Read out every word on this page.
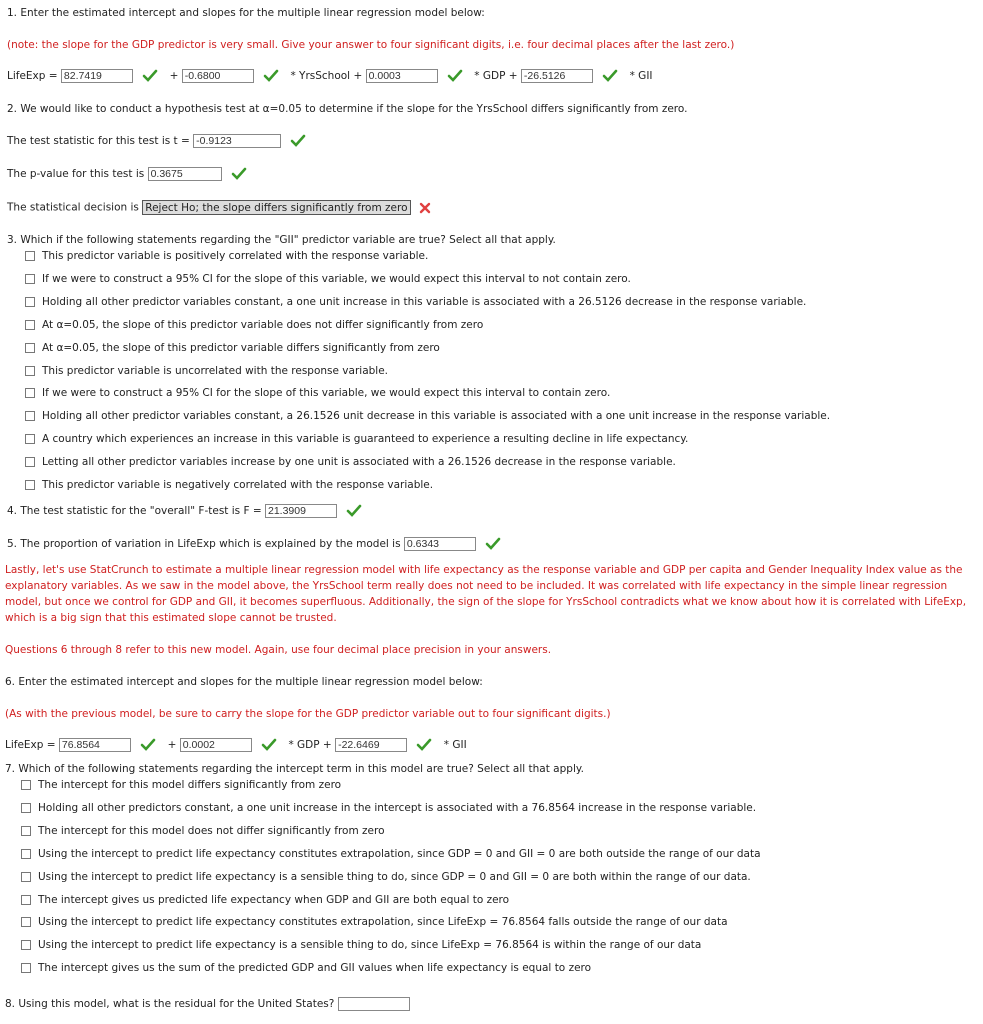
1. Enter the estimated intercept and slopes for the multiple linear regression model below:
(note: the slope for the GDP predictor is very small. Give your answer to four significant digits, i.e. four decimal places after the last zero.)
LifeExp = 82.7419	+ -0.6800	* YrsSchool + 0.0003	* GDP + -26.5126	* GII
2. We would like to conduct a hypothesis test at α=0.05 to determine if the slope for the YrsSchool differs significantly from zero.
The test statistic for this test is t = -0.9123
The p-value for this test is 0.3675
The statistical decision is Reject Ho; the slope differs significantly from zero
3. Which if the following statements regarding the "GII" predictor variable are true? Select all that apply.
This predictor variable is positively correlated with the response variable.
If we were to construct a 95% CI for the slope of this variable, we would expect this interval to not contain zero.
Holding all other predictor variables constant, a one unit increase in this variable is associated with a 26.5126 decrease in the response variable.
At α=0.05, the slope of this predictor variable does not differ significantly from zero
At α=0.05, the slope of this predictor variable differs significantly from zero
This predictor variable is uncorrelated with the response variable.
If we were to construct a 95% CI for the slope of this variable, we would expect this interval to contain zero.
Holding all other predictor variables constant, a 26.1526 unit decrease in this variable is associated with a one unit increase in the response variable.
A country which experiences an increase in this variable is guaranteed to experience a resulting decline in life expectancy.
Letting all other predictor variables increase by one unit is associated with a 26.1526 decrease in the response variable.
This predictor variable is negatively correlated with the response variable.
4. The test statistic for the "overall" F-test is F = 21.3909
5. The proportion of variation in LifeExp which is explained by the model is 0.6343
Lastly, let's use StatCrunch to estimate a multiple linear regression model with life expectancy as the response variable and GDP per capita and Gender Inequality Index value as the explanatory variables. As we saw in the model above, the YrsSchool term really does not need to be included. It was correlated with life expectancy in the simple linear regression model, but once we control for GDP and GII, it becomes superfluous. Additionally, the sign of the slope for YrsSchool contradicts what we know about how it is correlated with LifeExp, which is a big sign that this estimated slope cannot be trusted.
Questions 6 through 8 refer to this new model. Again, use four decimal place precision in your answers.
6. Enter the estimated intercept and slopes for the multiple linear regression model below:
(As with the previous model, be sure to carry the slope for the GDP predictor variable out to four significant digits.)
LifeExp = 76.8564	+ 0.0002	* GDP + -22.6469	* GII
7. Which of the following statements regarding the intercept term in this model are true? Select all that apply.
The intercept for this model differs significantly from zero
Holding all other predictors constant, a one unit increase in the intercept is associated with a 76.8564 increase in the response variable.
The intercept for this model does not differ significantly from zero
Using the intercept to predict life expectancy constitutes extrapolation, since GDP = 0 and GII = 0 are both outside the range of our data
Using the intercept to predict life expectancy is a sensible thing to do, since GDP = 0 and GII = 0 are both within the range of our data.
The intercept gives us predicted life expectancy when GDP and GII are both equal to zero
Using the intercept to predict life expectancy constitutes extrapolation, since LifeExp = 76.8564 falls outside the range of our data
Using the intercept to predict life expectancy is a sensible thing to do, since LifeExp = 76.8564 is within the range of our data
The intercept gives us the sum of the predicted GDP and GII values when life expectancy is equal to zero
8. Using this model, what is the residual for the United States?
